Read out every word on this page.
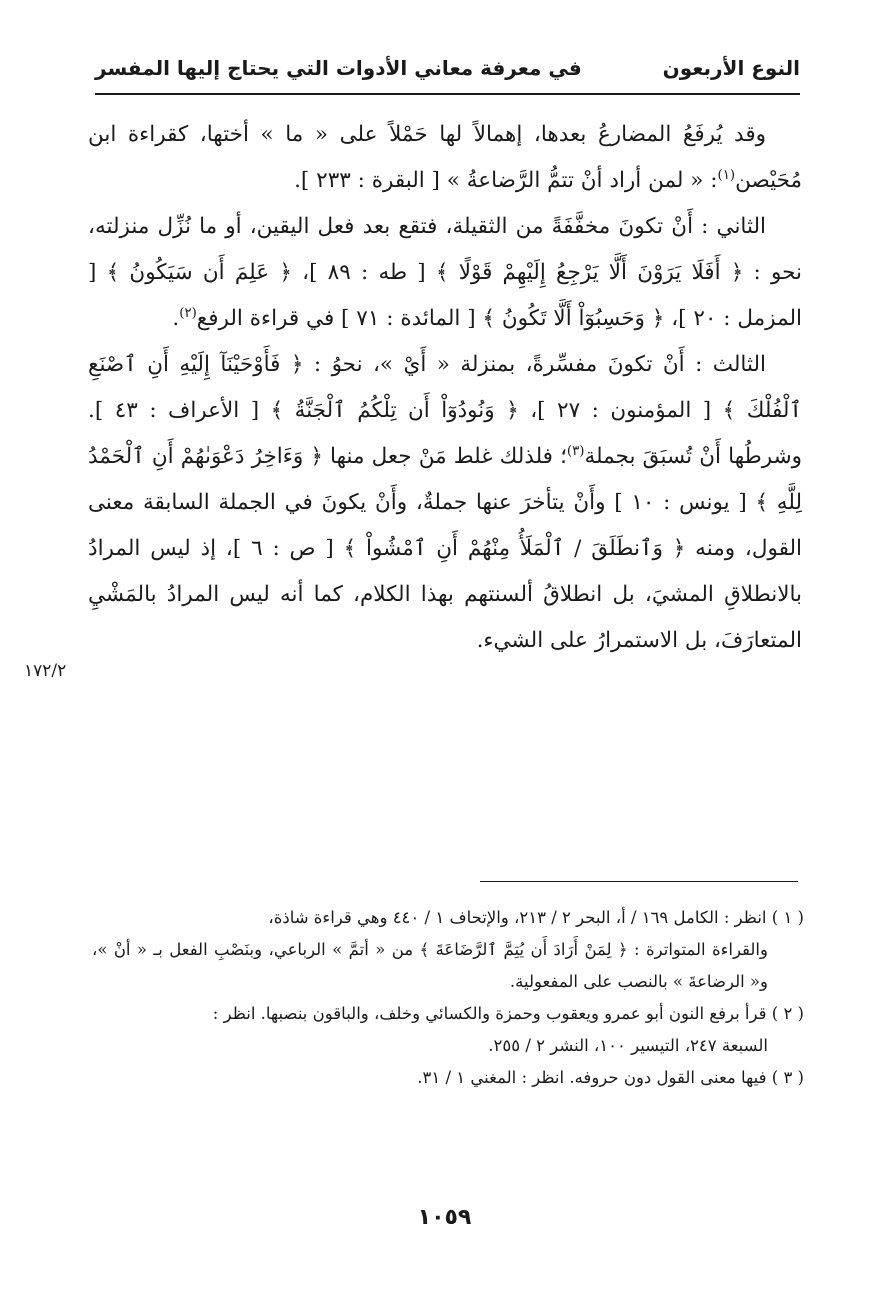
النوع الأربعون
في معرفة معاني الأدوات التي يحتاج إليها المفسر

وقد يُرفَعُ المضارعُ بعدها، إهمالاً لها حَمْلاً على « ما » أختها، كقراءة ابن مُحَيْصن$^{(١)}$: « لمن أراد أنْ تتمُّ الرَّضاعةُ » [ البقرة : ٢٣٣ ].

الثاني : أَنْ تكونَ مخفَّفَةً من الثقيلة، فتقع بعد فعل اليقين، أو ما نُزِّل منزلته، نحو : ﴿ أَفَلَا يَرَوْنَ أَلَّا يَرْجِعُ إِلَيْهِمْ قَوْلًا ﴾ [ طه : ٨٩ ]، ﴿ عَلِمَ أَن سَيَكُونُ ﴾ [ المزمل : ٢٠ ]، ﴿ وَحَسِبُوٓاْ أَلَّا تَكُونُ ﴾ [ المائدة : ٧١ ] في قراءة الرفع$^{(٢)}$.

الثالث : أَنْ تكونَ مفسِّرةً، بمنزلة « أَيْ »، نحوُ : ﴿ فَأَوْحَيْنَآ إِلَيْهِ أَنِ ٱصْنَعِ ٱلْفُلْكَ ﴾ [ المؤمنون : ٢٧ ]، ﴿ وَنُودُوٓاْ أَن تِلْكُمُ ٱلْجَنَّةُ ﴾ [ الأعراف : ٤٣ ]. وشرطُها أَنْ تُسبَقَ بجملة$^{(٣)}$؛ فلذلك غلط مَنْ جعل منها ﴿ وَءَاخِرُ دَعْوَىٰهُمْ أَنِ ٱلْحَمْدُ لِلَّهِ ﴾ [ يونس : ١٠ ] وأَنْ يتأخرَ عنها جملةٌ، وأَنْ يكونَ في الجملة السابقة معنى القول، ومنه ﴿ وَٱنطَلَقَ / ٱلْمَلَأُ مِنْهُمْ أَنِ ٱمْشُواْ ﴾ [ ص : ٦ ]، إذ ليس المرادُ بالانطلاقِ المشيَ، بل انطلاقُ ألسنتهم بهذا الكلام، كما أنه ليس المرادُ بالمَشْيِ المتعارَفَ، بل الاستمرارُ على الشيء.

١٧٢/٢

( ١ ) انظر : الكامل ١٦٩ / أ، البحر ٢ / ٢١٣، والإتحاف ١ / ٤٤٠ وهي قراءة شاذة،

والقراءة المتواترة : ﴿ لِمَنْ أَرَادَ أَن يُتِمَّ ٱلرَّضَاعَةَ ﴾ من « أتمَّ » الرباعي، وبنَصْبِ الفعل بـ « أنْ »، و« الرضاعةَ » بالنصب على المفعولية.

( ٢ ) قرأ برفع النون أبو عمرو ويعقوب وحمزة والكسائي وخلف، والباقون بنصبها. انظر :

السبعة ٢٤٧، التيسير ١٠٠، النشر ٢ / ٢٥٥.

( ٣ ) فيها معنى القول دون حروفه. انظر : المغني ١ / ٣١.

١٠٥٩
